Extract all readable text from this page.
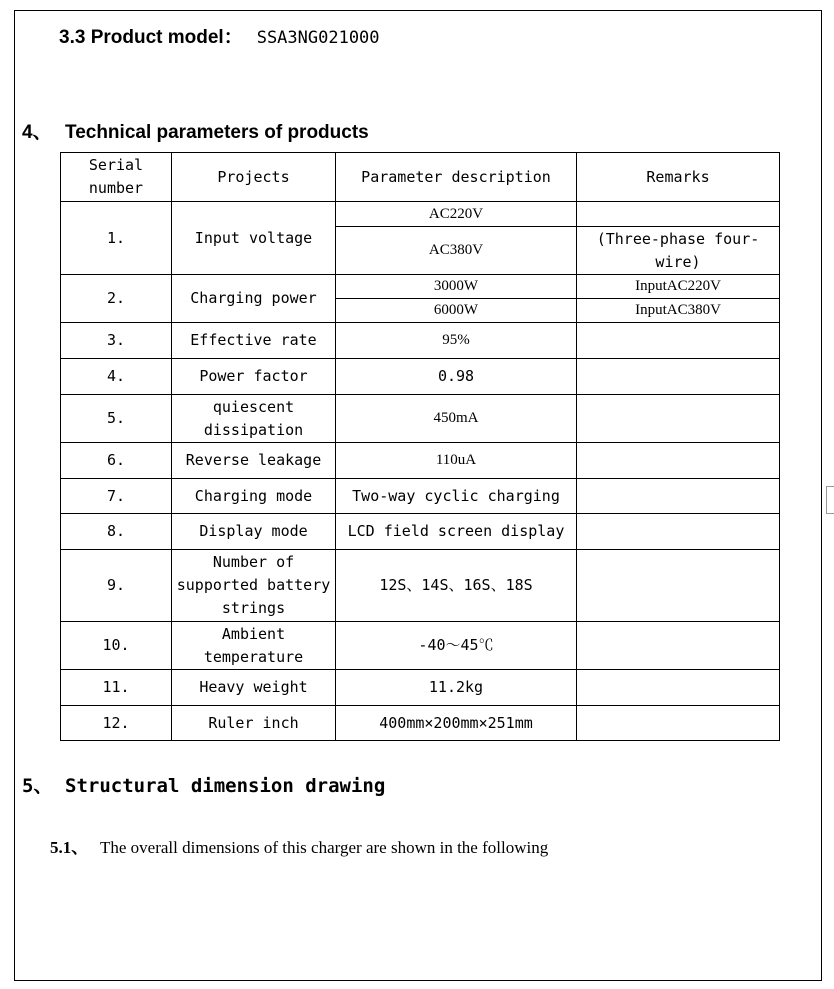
3.3 Product model： SSA3NG021000
4、 Technical parameters of products
Serial number	Projects	Parameter description	Remarks
1.	Input voltage	AC220V	
		AC380V	(Three-phase four-wire)
2.	Charging power	3000W	InputAC220V
		6000W	InputAC380V
3.	Effective rate	95%	
4.	Power factor	0.98	
5.	quiescent dissipation	450mA	
6.	Reverse leakage	110uA	
7.	Charging mode	Two-way cyclic charging	
8.	Display mode	LCD field screen display	
9.	Number of supported battery strings	12S、14S、16S、18S	
10.	Ambient temperature	-40～45℃	
11.	Heavy weight	11.2kg	
12.	Ruler inch	400mm×200mm×251mm	
5、 Structural dimension drawing
5.1、 The overall dimensions of this charger are shown in the following
